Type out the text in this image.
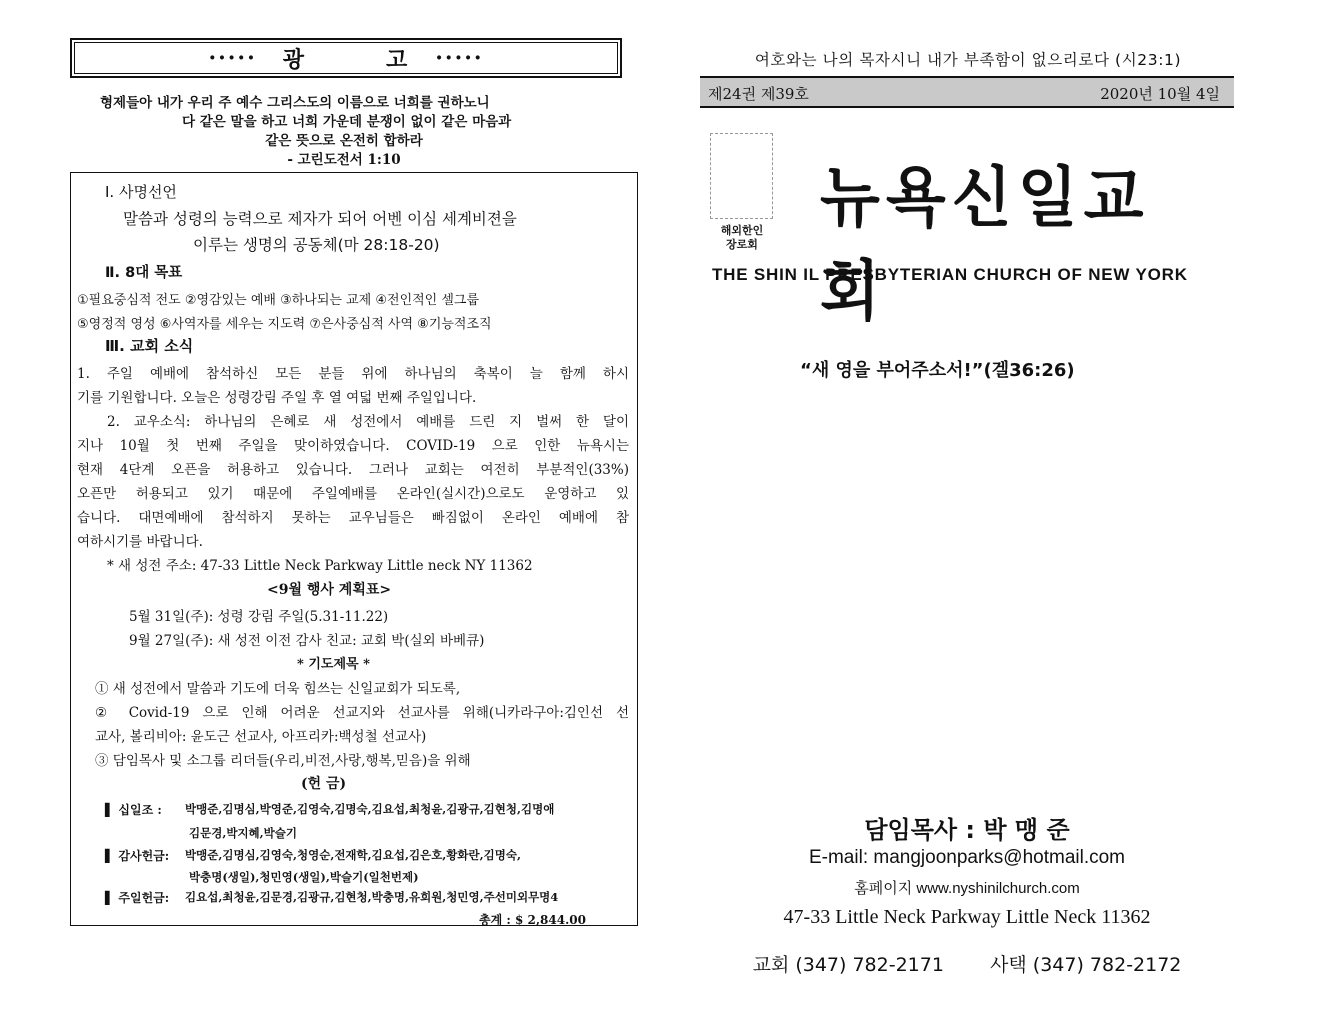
····· 광	고 ·····
형제들아 내가 우리 주 예수 그리스도의 이름으로 너희를 권하노니
다 같은 말을 하고 너희 가운데 분쟁이 없이 같은 마음과
같은 뜻으로 온전히 합하라
- 고린도전서 1:10
Ⅰ. 사명선언
말씀과 성령의 능력으로 제자가 되어 어벤 이심 세계비젼을
이루는 생명의 공동체(마 28:18-20)
Ⅱ. 8대 목표
①필요중심적 전도 ②영감있는 예배 ③하나되는 교제 ④전인적인 셀그룹
⑤영정적 영성 ⑥사역자를 세우는 지도력 ⑦은사중심적 사역 ⑧기능적조직
Ⅲ. 교회 소식
1. 주일 예배에 참석하신 모든 분들 위에 하나님의 축복이 늘 함께 하시
기를 기원합니다. 오늘은 성령강림 주일 후 열 여덟 번째 주일입니다.
2. 교우소식: 하나님의 은혜로 새 성전에서 예배를 드린 지 벌써 한 달이
지나 10월 첫 번째 주일을 맞이하였습니다. COVID-19 으로 인한 뉴욕시는
현재 4단계 오픈을 허용하고 있습니다. 그러나 교회는 여전히 부분적인(33%)
오픈만 허용되고 있기 때문에 주일예배를 온라인(실시간)으로도 운영하고 있
습니다. 대면예배에 참석하지 못하는 교우님들은 빠짐없이 온라인 예배에 참
여하시기를 바랍니다.
* 새 성전 주소: 47-33 Little Neck Parkway Little neck NY 11362
<9월 행사 계획표>
5월 31일(주): 성령 강림 주일(5.31-11.22)
9월 27일(주): 새 성전 이전 감사 친교: 교회 박(실외 바베큐)
* 기도제목 *
① 새 성전에서 말씀과 기도에 더욱 힘쓰는 신일교회가 되도록,
② Covid-19 으로 인해 어려운 선교지와 선교사를 위해(니카라구아:김인선 선
교사, 볼리비아: 윤도근 선교사, 아프리카:백성철 선교사)
③ 담임목사 및 소그룹 리더들(우리,비전,사랑,행복,믿음)을 위해
(헌 금)
▌ 십일조 : 박맹준,김명심,박영준,김영숙,김명숙,김요섭,최청윤,김광규,김현청,김명애
김문경,박지혜,박슬기
▌ 감사헌금: 박맹준,김명심,김영숙,청영순,전재학,김요섭,김은호,황화란,김명숙,
박충명(생일),청민영(생일),박슬기(일천번제)
▌ 주일헌금: 김요섭,최청윤,김문경,김광규,김현청,박충명,유희원,청민영,주선미외무명4
총계 : $ 2,844.00
여호와는 나의 목자시니 내가 부족함이 없으리로다 (시23:1)
제24권 제39호	2020년 10월 4일
해외한인
장로회
뉴욕신일교회
THE SHIN IL PRESBYTERIAN CHURCH OF NEW YORK
“새 영을 부어주소서!”(겔36:26)
담임목사 : 박 맹 준
E-mail: mangjoonparks@hotmail.com
홈페이지 www.nyshinilchurch.com
47-33 Little Neck Parkway Little Neck 11362
교회 (347) 782-2171 사택 (347) 782-2172
